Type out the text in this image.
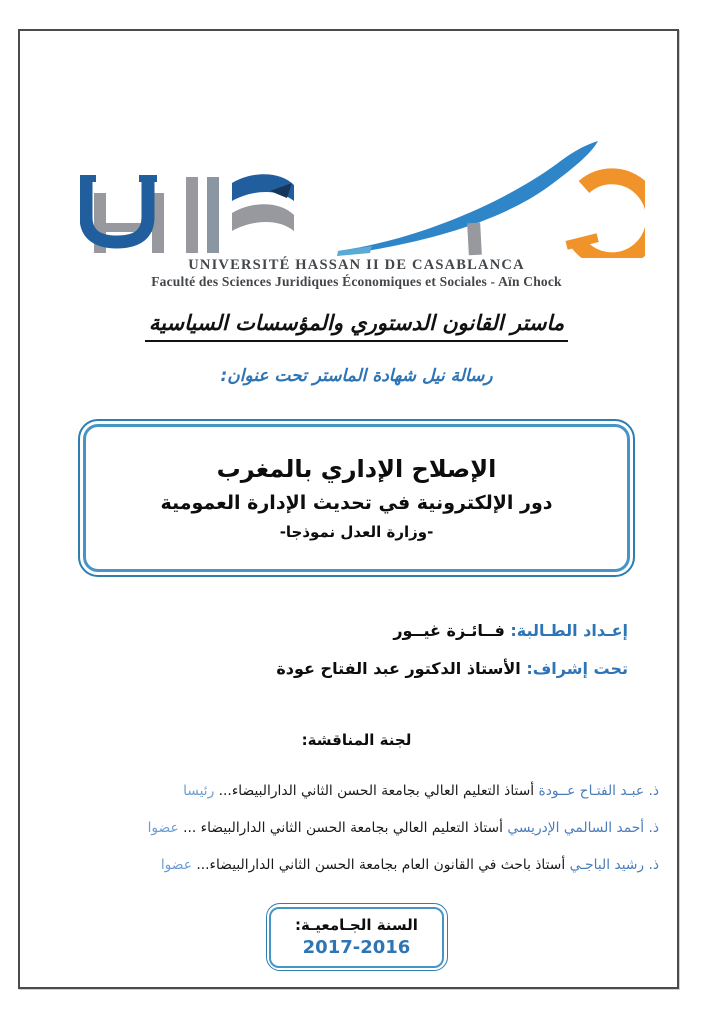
UNIVERSITÉ HASSAN II DE CASABLANCA
Faculté des Sciences Juridiques Économiques et Sociales - Aïn Chock
ماستر القانون الدستوري والمؤسسات السياسية
رسالة نيل شهادة الماستر تحت عنوان:
الإصلاح الإداري بالمغرب
دور الإلكترونية في تحديث الإدارة العمومية
-وزارة العدل نموذجا-
إعـداد الطـالبة: فــائـزة غيــور
تحت إشراف: الأستاذ الدكتور عبد الفتاح عودة
لجنة المناقشة:
ذ. عبـد الفتـاح عــودة أستاذ التعليم العالي بجامعة الحسن الثاني الدارالبيضاء... رئيسا
ذ. أحمد السالمي الإدريسي أستاذ التعليم العالي بجامعة الحسن الثاني الدارالبيضاء ... عضوا
ذ. رشيد الباجـي أستاذ باحث في القانون العام بجامعة الحسن الثاني الدارالبيضاء... عضوا
السنة الجـامعيـة:
2017-2016
